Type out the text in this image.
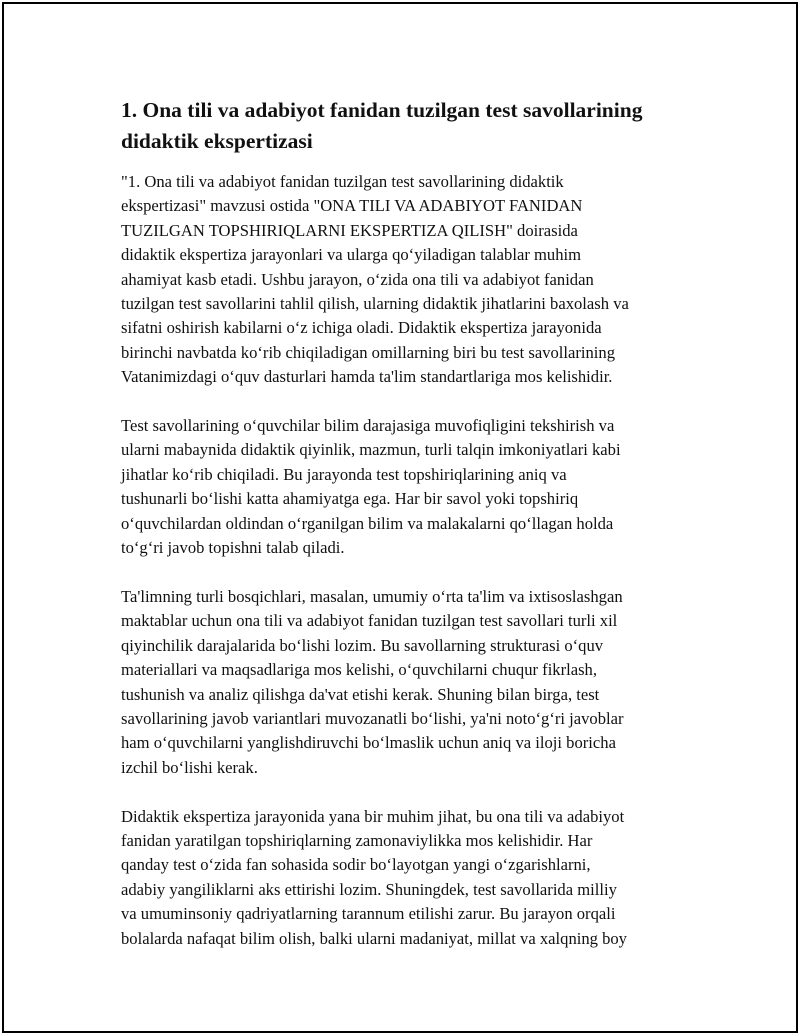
1. Ona tili va adabiyot fanidan tuzilgan test savollarining
didaktik ekspertizasi

"1. Ona tili va adabiyot fanidan tuzilgan test savollarining didaktik
ekspertizasi" mavzusi ostida "ONA TILI VA ADABIYOT FANIDAN
TUZILGAN TOPSHIRIQLARNI EKSPERTIZA QILISH" doirasida
didaktik ekspertiza jarayonlari va ularga qo‘yiladigan talablar muhim
ahamiyat kasb etadi. Ushbu jarayon, o‘zida ona tili va adabiyot fanidan
tuzilgan test savollarini tahlil qilish, ularning didaktik jihatlarini baxolash va
sifatni oshirish kabilarni o‘z ichiga oladi. Didaktik ekspertiza jarayonida
birinchi navbatda ko‘rib chiqiladigan omillarning biri bu test savollarining
Vatanimizdagi o‘quv dasturlari hamda ta'lim standartlariga mos kelishidir.

Test savollarining o‘quvchilar bilim darajasiga muvofiqligini tekshirish va
ularni mabaynida didaktik qiyinlik, mazmun, turli talqin imkoniyatlari kabi
jihatlar ko‘rib chiqiladi. Bu jarayonda test topshiriqlarining aniq va
tushunarli bo‘lishi katta ahamiyatga ega. Har bir savol yoki topshiriq
o‘quvchilardan oldindan o‘rganilgan bilim va malakalarni qo‘llagan holda
to‘g‘ri javob topishni talab qiladi.

Ta'limning turli bosqichlari, masalan, umumiy o‘rta ta'lim va ixtisoslashgan
maktablar uchun ona tili va adabiyot fanidan tuzilgan test savollari turli xil
qiyinchilik darajalarida bo‘lishi lozim. Bu savollarning strukturasi o‘quv
materiallari va maqsadlariga mos kelishi, o‘quvchilarni chuqur fikrlash,
tushunish va analiz qilishga da'vat etishi kerak. Shuning bilan birga, test
savollarining javob variantlari muvozanatli bo‘lishi, ya'ni noto‘g‘ri javoblar
ham o‘quvchilarni yanglishdiruvchi bo‘lmaslik uchun aniq va iloji boricha
izchil bo‘lishi kerak.

Didaktik ekspertiza jarayonida yana bir muhim jihat, bu ona tili va adabiyot
fanidan yaratilgan topshiriqlarning zamonaviylikka mos kelishidir. Har
qanday test o‘zida fan sohasida sodir bo‘layotgan yangi o‘zgarishlarni,
adabiy yangiliklarni aks ettirishi lozim. Shuningdek, test savollarida milliy
va umuminsoniy qadriyatlarning tarannum etilishi zarur. Bu jarayon orqali
bolalarda nafaqat bilim olish, balki ularni madaniyat, millat va xalqning boy
